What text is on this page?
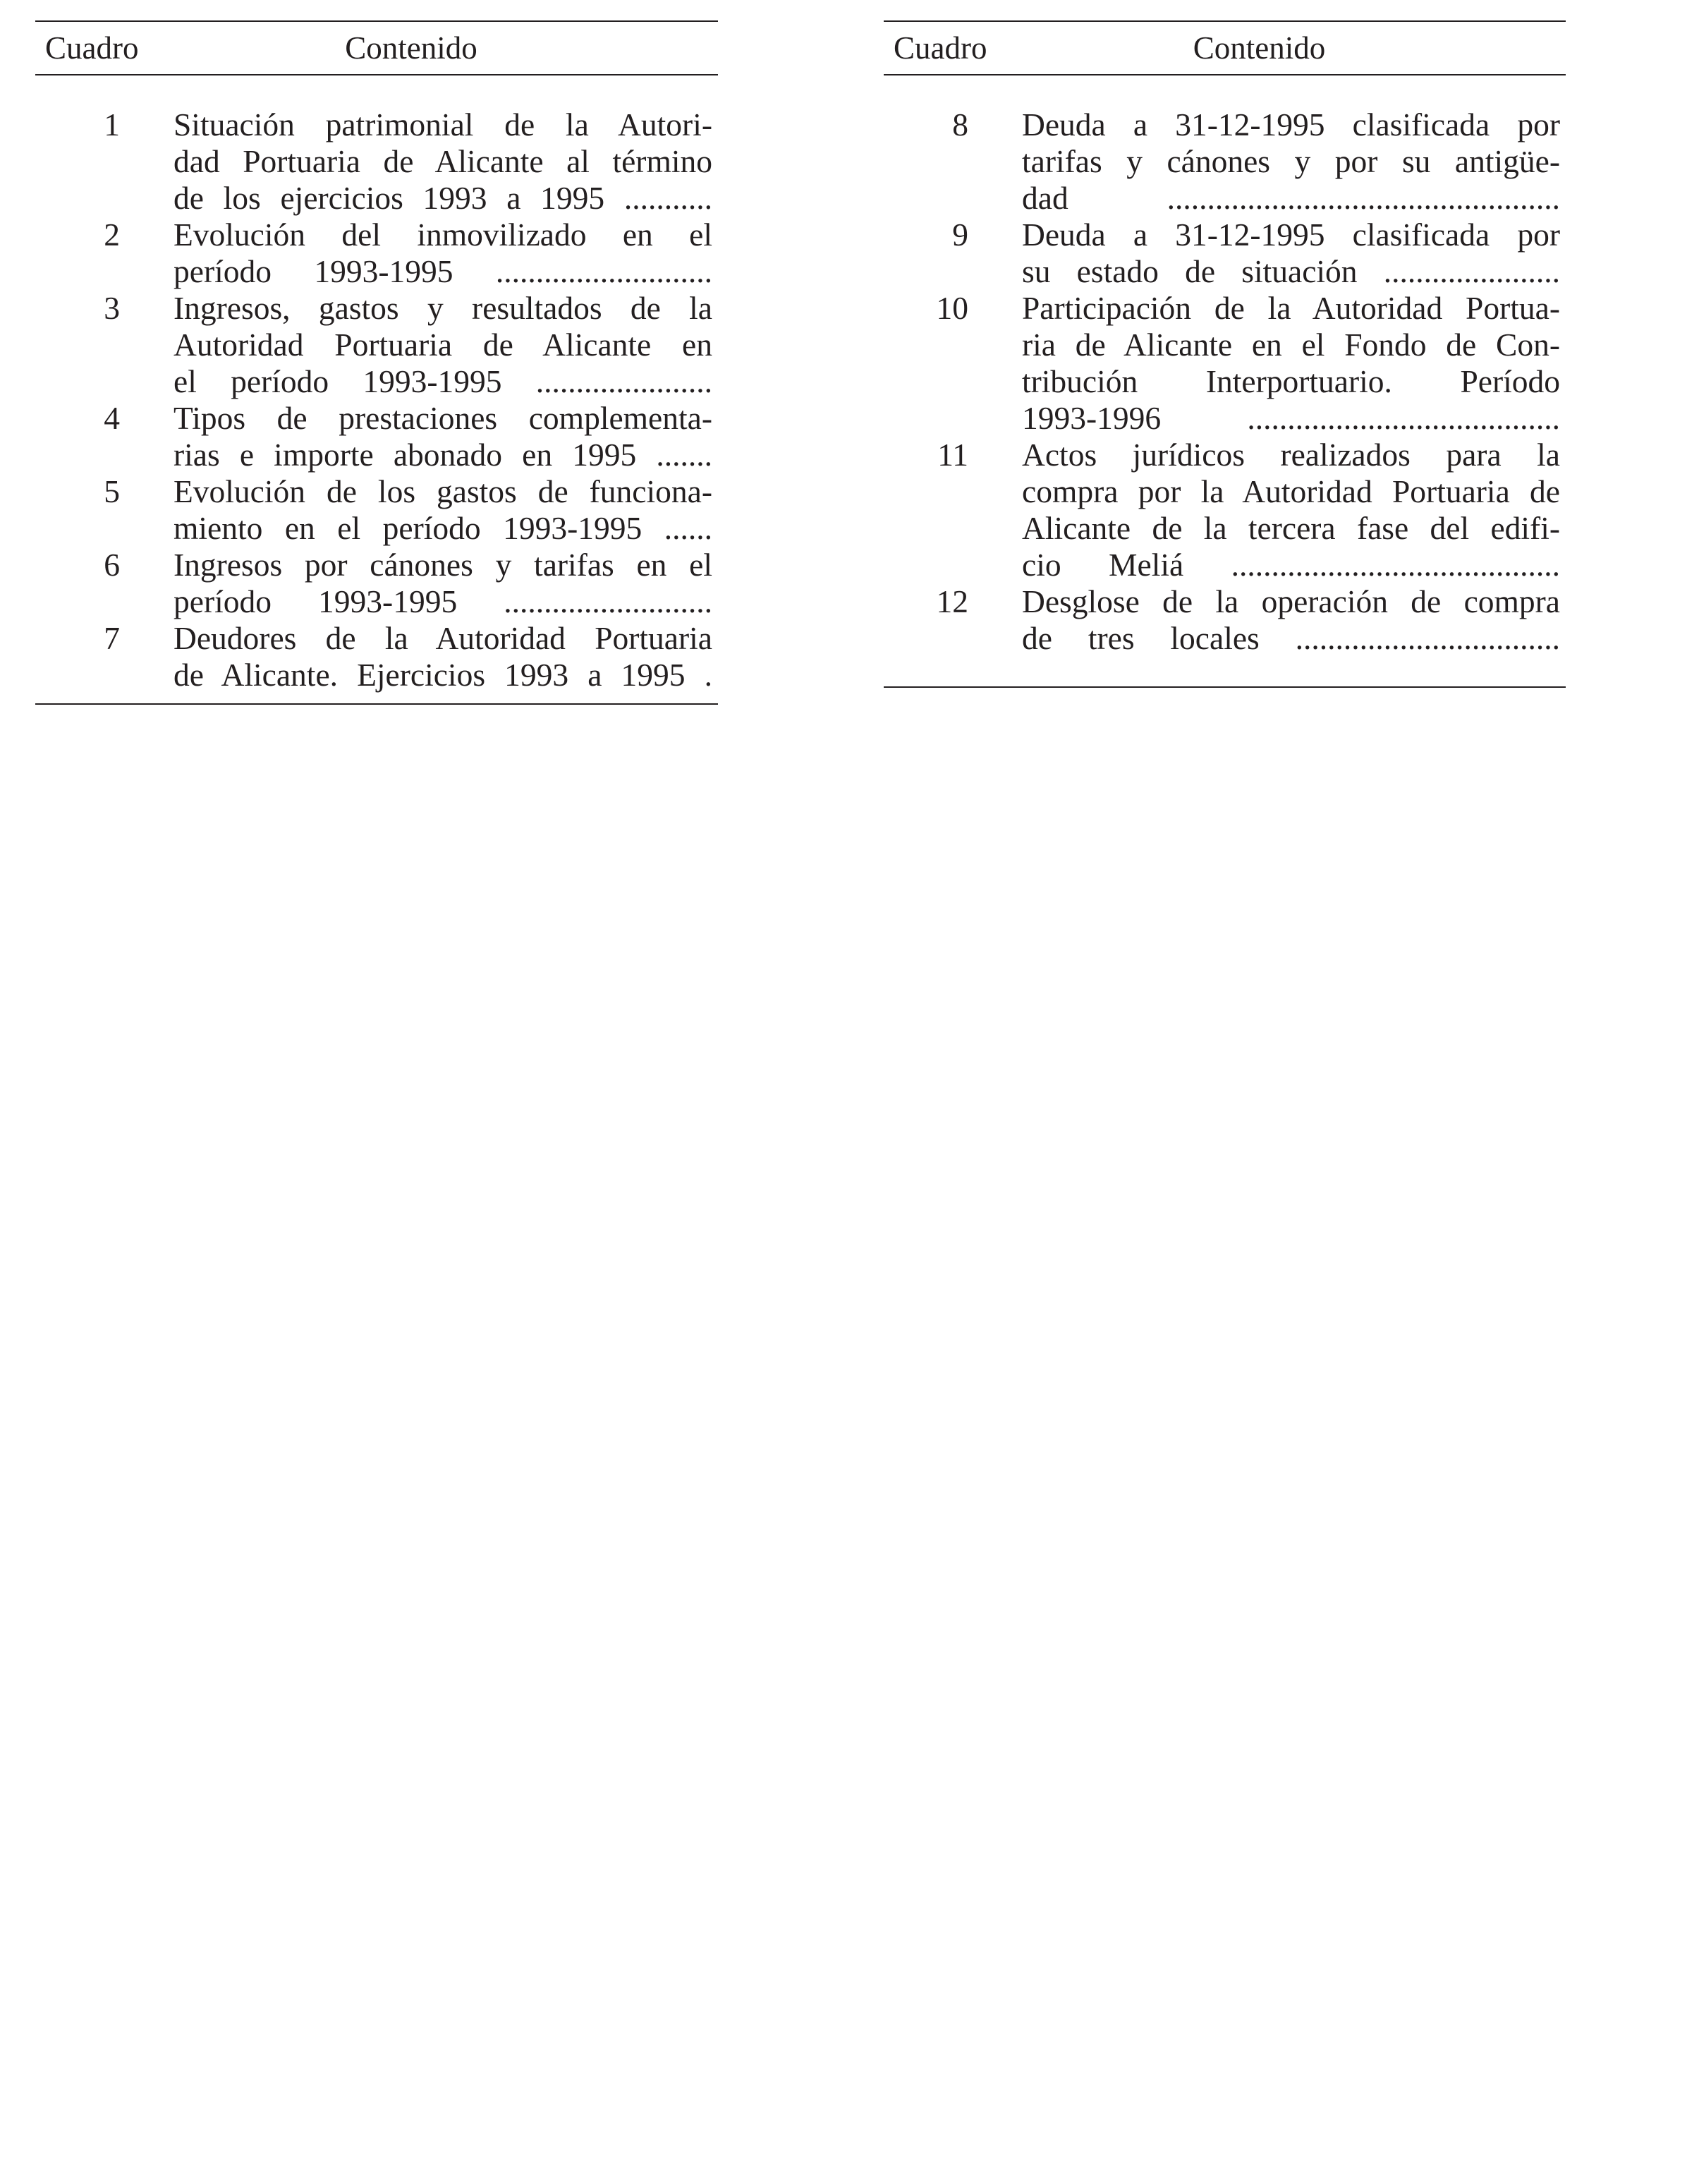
Cuadro	Contenido
1	Situación patrimonial de la Autori-
dad Portuaria de Alicante al término
de los ejercicios 1993 a 1995 ...........
2	Evolución del inmovilizado en el
período 1993-1995 ...........................
3	Ingresos, gastos y resultados de la
Autoridad Portuaria de Alicante en
el período 1993-1995 ......................
4	Tipos de prestaciones complementa-
rias e importe abonado en 1995 .......
5	Evolución de los gastos de funciona-
miento en el período 1993-1995 ......
6	Ingresos por cánones y tarifas en el
período 1993-1995 ..........................
7	Deudores de la Autoridad Portuaria
de Alicante. Ejercicios 1993 a 1995 .
Cuadro	Contenido
8	Deuda a 31-12-1995 clasificada por
tarifas y cánones y por su antigüe-
dad .................................................
9	Deuda a 31-12-1995 clasificada por
su estado de situación ......................
10	Participación de la Autoridad Portua-
ria de Alicante en el Fondo de Con-
tribución Interportuario. Período
1993-1996 .......................................
11	Actos jurídicos realizados para la
compra por la Autoridad Portuaria de
Alicante de la tercera fase del edifi-
cio Meliá .........................................
12	Desglose de la operación de compra
de tres locales .................................
